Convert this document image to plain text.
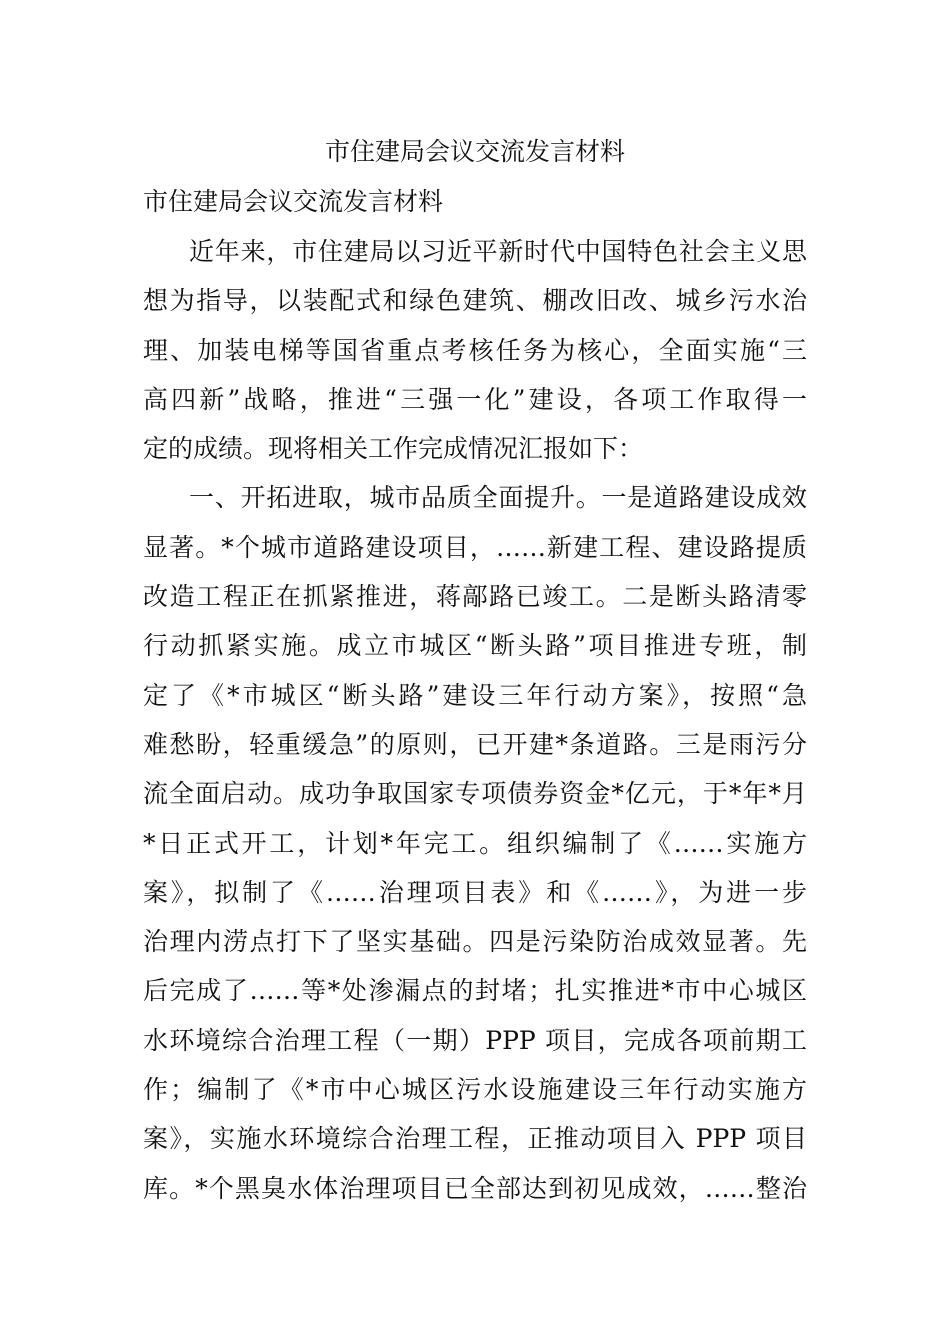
市住建局会议交流发言材料

市住建局会议交流发言材料

近年来，市住建局以习近平新时代中国特色社会主义思
想为指导，以装配式和绿色建筑、棚改旧改、城乡污水治
理、加装电梯等国省重点考核任务为核心，全面实施“三
高四新”战略，推进“三强一化”建设，各项工作取得一
定的成绩。现将相关工作完成情况汇报如下：
一、开拓进取，城市品质全面提升。一是道路建设成效
显著。*个城市道路建设项目，……新建工程、建设路提质
改造工程正在抓紧推进，蒋鄗路已竣工。二是断头路清零
行动抓紧实施。成立市城区“断头路”项目推进专班，制
定了《*市城区“断头路”建设三年行动方案》，按照“急
难愁盼，轻重缓急”的原则，已开建*条道路。三是雨污分
流全面启动。成功争取国家专项债券资金*亿元，于*年*月
*日正式开工，计划*年完工。组织编制了《……实施方
案》，拟制了《……治理项目表》和《……》，为进一步
治理内涝点打下了坚实基础。四是污染防治成效显著。先
后完成了……等*处渗漏点的封堵；扎实推进*市中心城区
水环境综合治理工程（一期）PPP 项目，完成各项前期工
作；编制了《*市中心城区污水设施建设三年行动实施方
案》，实施水环境综合治理工程，正推动项目入 PPP 项目
库。*个黑臭水体治理项目已全部达到初见成效，……整治
